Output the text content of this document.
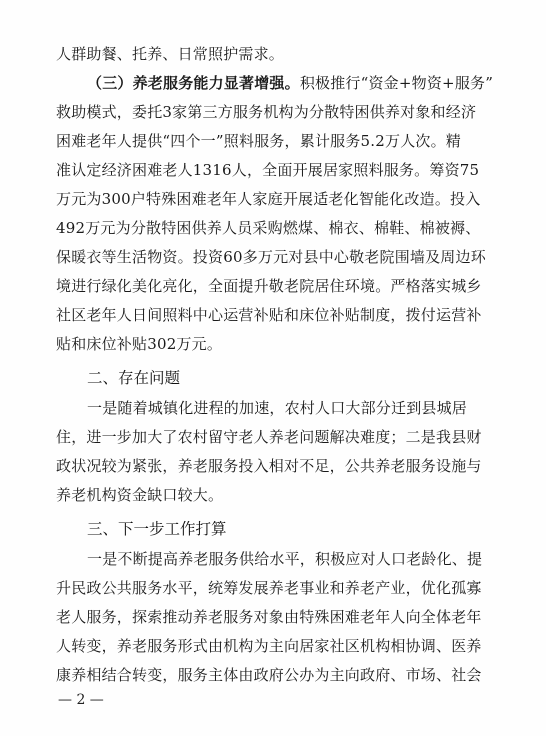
人群助餐、托养、日常照护需求。
（三）养老服务能力显著增强。积极推行“资金+物资+服务”
救助模式，委托3家第三方服务机构为分散特困供养对象和经济
困难老年人提供“四个一”照料服务，累计服务5.2万人次。精
准认定经济困难老人1316人，全面开展居家照料服务。筹资75
万元为300户特殊困难老年人家庭开展适老化智能化改造。投入
492万元为分散特困供养人员采购燃煤、棉衣、棉鞋、棉被褥、
保暖衣等生活物资。投资60多万元对县中心敬老院围墙及周边环
境进行绿化美化亮化，全面提升敬老院居住环境。严格落实城乡
社区老年人日间照料中心运营补贴和床位补贴制度，拨付运营补
贴和床位补贴302万元。
二、存在问题
一是随着城镇化进程的加速，农村人口大部分迁到县城居
住，进一步加大了农村留守老人养老问题解决难度；二是我县财
政状况较为紧张，养老服务投入相对不足，公共养老服务设施与
养老机构资金缺口较大。
三、下一步工作打算
一是不断提高养老服务供给水平，积极应对人口老龄化、提
升民政公共服务水平，统筹发展养老事业和养老产业，优化孤寡
老人服务，探索推动养老服务对象由特殊困难老年人向全体老年
人转变，养老服务形式由机构为主向居家社区机构相协调、医养
康养相结合转变，服务主体由政府公办为主向政府、市场、社会
— 2 —
